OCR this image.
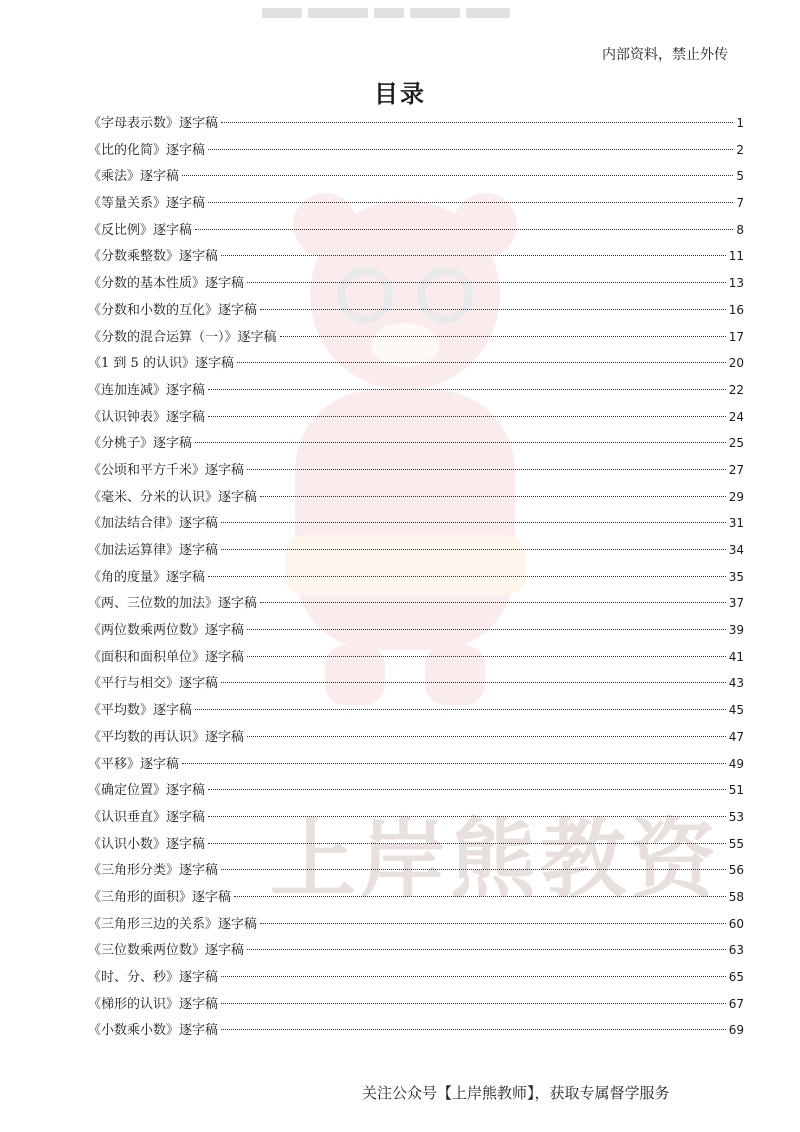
上岸熊教资
内部资料，禁止外传
目录
《字母表示数》逐字稿	1
《比的化简》逐字稿	2
《乘法》逐字稿	5
《等量关系》逐字稿	7
《反比例》逐字稿	8
《分数乘整数》逐字稿	11
《分数的基本性质》逐字稿	13
《分数和小数的互化》逐字稿	16
《分数的混合运算（一）》逐字稿	17
《1 到 5 的认识》逐字稿	20
《连加连减》逐字稿	22
《认识钟表》逐字稿	24
《分桃子》逐字稿	25
《公顷和平方千米》逐字稿	27
《毫米、分米的认识》逐字稿	29
《加法结合律》逐字稿	31
《加法运算律》逐字稿	34
《角的度量》逐字稿	35
《两、三位数的加法》逐字稿	37
《两位数乘两位数》逐字稿	39
《面积和面积单位》逐字稿	41
《平行与相交》逐字稿	43
《平均数》逐字稿	45
《平均数的再认识》逐字稿	47
《平移》逐字稿	49
《确定位置》逐字稿	51
《认识垂直》逐字稿	53
《认识小数》逐字稿	55
《三角形分类》逐字稿	56
《三角形的面积》逐字稿	58
《三角形三边的关系》逐字稿	60
《三位数乘两位数》逐字稿	63
《时、分、秒》逐字稿	65
《梯形的认识》逐字稿	67
《小数乘小数》逐字稿	69
关注公众号【上岸熊教师】，获取专属督学服务
